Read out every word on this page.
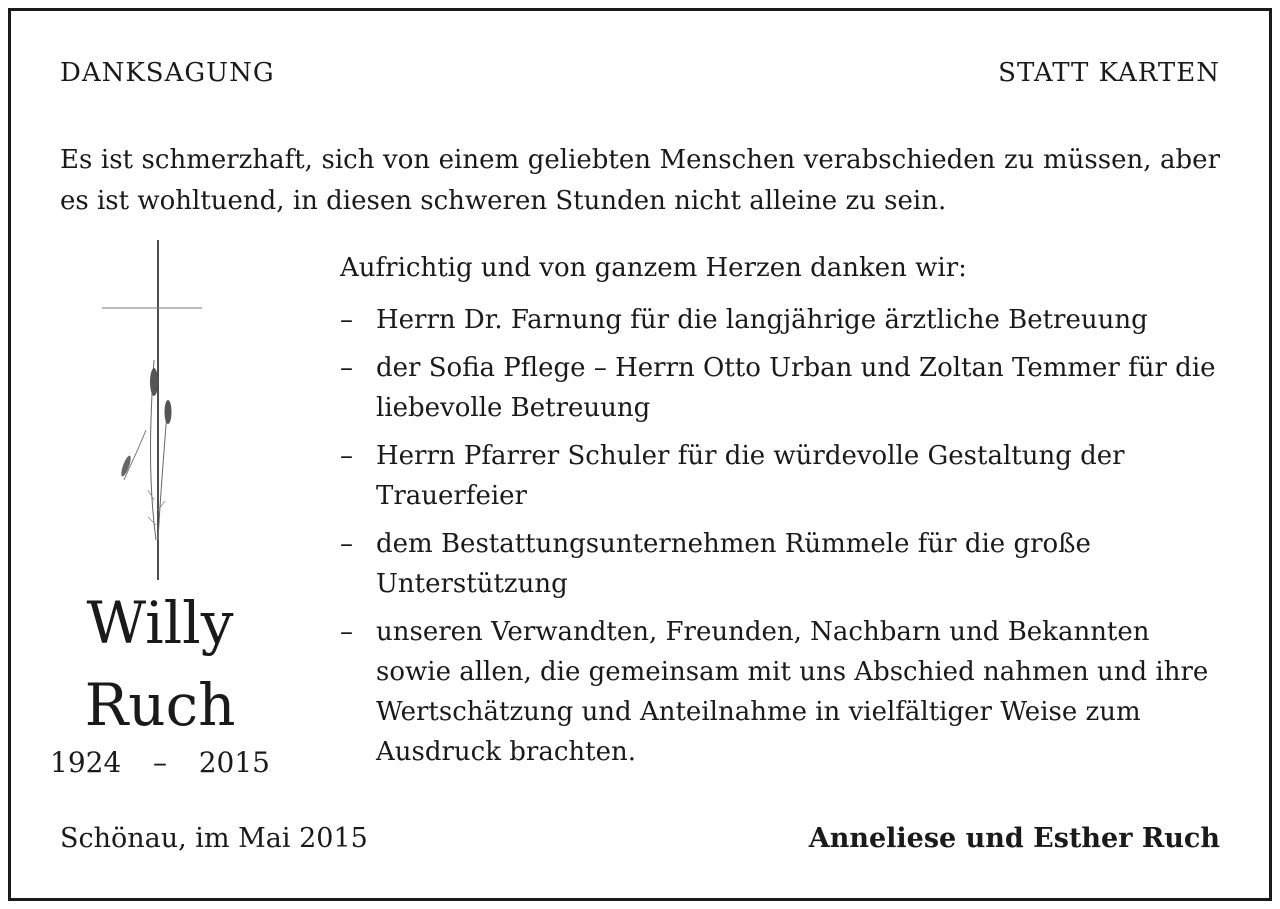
DANKSAGUNG	STATT KARTEN
Es ist schmerzhaft, sich von einem geliebten Menschen verabschieden zu müssen, aber es ist wohltuend, in diesen schweren Stunden nicht alleine zu sein.
Willy
Ruch
1924 – 2015
Aufrichtig und von ganzem Herzen danken wir:
– Herrn Dr. Farnung für die langjährige ärztliche Betreuung
– der Sofia Pflege – Herrn Otto Urban und Zoltan Temmer für die liebevolle Betreuung
– Herrn Pfarrer Schuler für die würdevolle Gestaltung der Trauerfeier
– dem Bestattungsunternehmen Rümmele für die große Unterstützung
– unseren Verwandten, Freunden, Nachbarn und Bekannten sowie allen, die gemeinsam mit uns Abschied nahmen und ihre Wertschätzung und Anteilnahme in vielfältiger Weise zum Ausdruck brachten.
Schönau, im Mai 2015	Anneliese und Esther Ruch
